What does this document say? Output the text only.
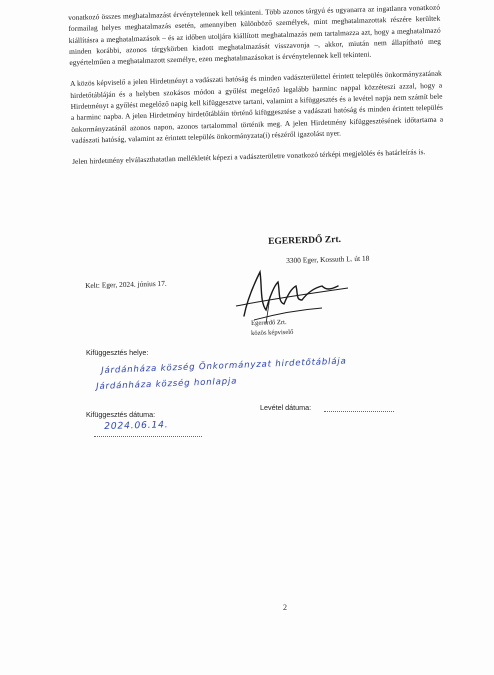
vonatkozó összes meghatalmazást érvénytelennek kell tekinteni. Több azonos tárgyú és ugyanarra az ingatlanra vonatkozó formailag helyes meghatalmazás esetén, amennyiben különböző személyek, mint meghatalmazottak részére kerültek kiállításra a meghatalmazások – és az időben utoljára kiállított meghatalmazás nem tartalmazza azt, hogy a meghatalmazó minden korábbi, azonos tárgykörben kiadott meghatalmazását visszavonja –, akkor, miután nem állapítható meg egyértelműen a meghatalmazott személye, ezen meghatalmazásokat is érvénytelennek kell tekinteni.

A közös képviselő a jelen Hirdetményt a vadászati hatóság és minden vadászterülettel érintett település önkormányzatának hirdetőtábláján és a helyben szokásos módon a gyűlést megelőző legalább harminc nappal közzéteszi azzal, hogy a Hirdetményt a gyűlést megelőző napig kell kifüggesztve tartani, valamint a kifüggesztés és a levétel napja nem számít bele a harminc napba. A jelen Hirdetmény hirdetőtábláin történő kifüggesztése a vadászati hatóság és minden érintett település önkormányzatánál azonos napon, azonos tartalommal történik meg. A jelen Hirdetmény kifüggesztésének időtartama a vadászati hatóság, valamint az érintett település önkormányzata(i) részéről igazolást nyer.

Jelen hirdetmény elválaszthatatlan mellékletét képezi a vadászterületre vonatkozó térképi megjelölés és határleírás is.

EGERERDŐ Zrt.
3300 Eger, Kossuth L. út 18
Kelt: Eger, 2024. június 17.
Egererdő Zrt.
közös képviselő
Kifüggesztés helye:
Járdánháza község Önkormányzat hirdetőtáblája
Járdánháza község honlapja
Levétel dátuma:
Kifüggesztés dátuma:
2024.06.14.
2
